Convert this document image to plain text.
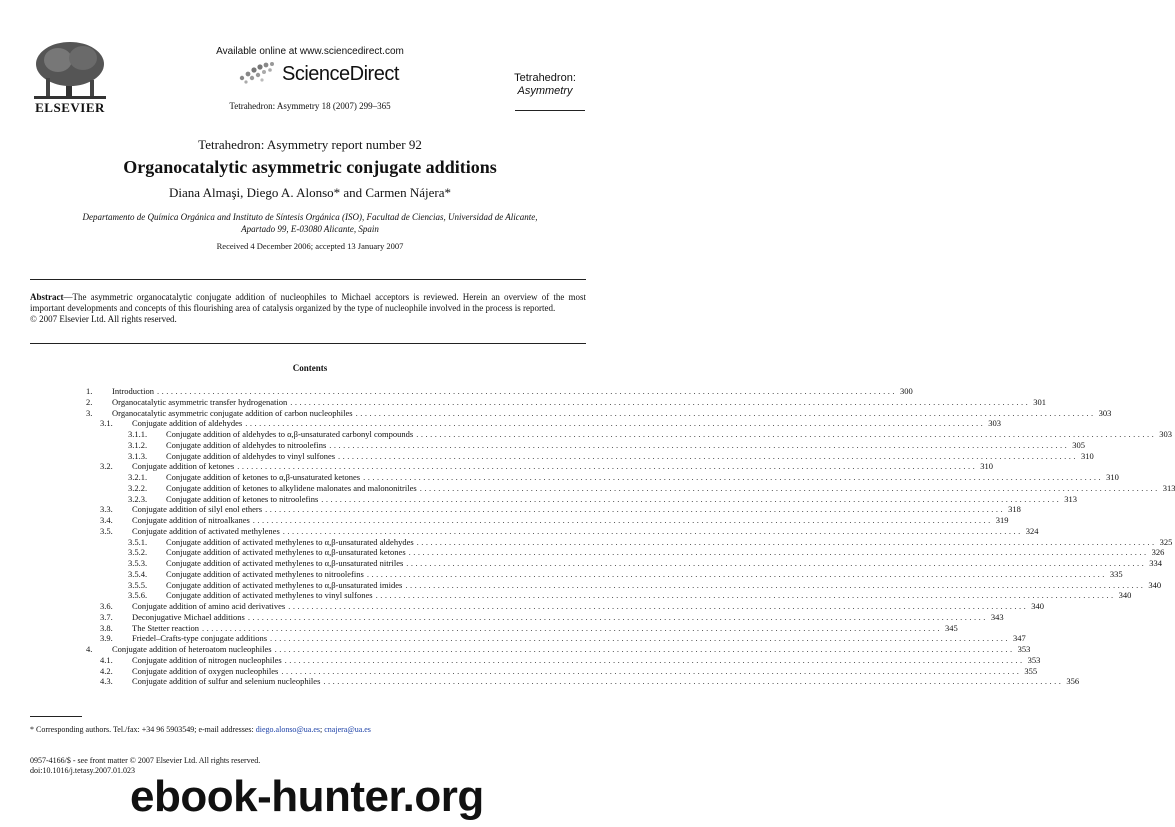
ELSEVIER
Available online at www.sciencedirect.com
ScienceDirect
Tetrahedron: Asymmetry 18 (2007) 299–365
Tetrahedron:
Asymmetry
Tetrahedron: Asymmetry report number 92
Organocatalytic asymmetric conjugate additions
Diana Almaşi, Diego A. Alonso* and Carmen Nájera*
Departamento de Química Orgánica and Instituto de Síntesis Orgánica (ISO), Facultad de Ciencias, Universidad de Alicante,
Apartado 99, E-03080 Alicante, Spain
Received 4 December 2006; accepted 13 January 2007
Abstract—The asymmetric organocatalytic conjugate addition of nucleophiles to Michael acceptors is reviewed. Herein an overview of the most important developments and concepts of this flourishing area of catalysis organized by the type of nucleophile involved in the process is reported.
© 2007 Elsevier Ltd. All rights reserved.
Contents
1.	Introduction ................................................................................................................................................................ 300
2.	Organocatalytic asymmetric transfer hydrogenation ................................................................................................................................................................ 301
3.	Organocatalytic asymmetric conjugate addition of carbon nucleophiles ................................................................................................................................................................ 303
3.1.	Conjugate addition of aldehydes ................................................................................................................................................................ 303
3.1.1.	Conjugate addition of aldehydes to α,β-unsaturated carbonyl compounds ................................................................................................................................................................ 303
3.1.2.	Conjugate addition of aldehydes to nitroolefins ................................................................................................................................................................ 305
3.1.3.	Conjugate addition of aldehydes to vinyl sulfones ................................................................................................................................................................ 310
3.2.	Conjugate addition of ketones ................................................................................................................................................................ 310
3.2.1.	Conjugate addition of ketones to α,β-unsaturated ketones ................................................................................................................................................................ 310
3.2.2.	Conjugate addition of ketones to alkylidene malonates and malononitriles ................................................................................................................................................................ 313
3.2.3.	Conjugate addition of ketones to nitroolefins ................................................................................................................................................................ 313
3.3.	Conjugate addition of silyl enol ethers ................................................................................................................................................................ 318
3.4.	Conjugate addition of nitroalkanes ................................................................................................................................................................ 319
3.5.	Conjugate addition of activated methylenes ................................................................................................................................................................ 324
3.5.1.	Conjugate addition of activated methylenes to α,β-unsaturated aldehydes ................................................................................................................................................................ 325
3.5.2.	Conjugate addition of activated methylenes to α,β-unsaturated ketones ................................................................................................................................................................ 326
3.5.3.	Conjugate addition of activated methylenes to α,β-unsaturated nitriles ................................................................................................................................................................ 334
3.5.4.	Conjugate addition of activated methylenes to nitroolefins ................................................................................................................................................................ 335
3.5.5.	Conjugate addition of activated methylenes to α,β-unsaturated imides ................................................................................................................................................................ 340
3.5.6.	Conjugate addition of activated methylenes to vinyl sulfones ................................................................................................................................................................ 340
3.6.	Conjugate addition of amino acid derivatives ................................................................................................................................................................ 340
3.7.	Deconjugative Michael additions ................................................................................................................................................................ 343
3.8.	The Stetter reaction ................................................................................................................................................................ 345
3.9.	Friedel–Crafts-type conjugate additions ................................................................................................................................................................ 347
4.	Conjugate addition of heteroatom nucleophiles ................................................................................................................................................................ 353
4.1.	Conjugate addition of nitrogen nucleophiles ................................................................................................................................................................ 353
4.2.	Conjugate addition of oxygen nucleophiles ................................................................................................................................................................ 355
4.3.	Conjugate addition of sulfur and selenium nucleophiles ................................................................................................................................................................ 356
* Corresponding authors. Tel./fax: +34 96 5903549; e-mail addresses: diego.alonso@ua.es; cnajera@ua.es
0957-4166/$ - see front matter © 2007 Elsevier Ltd. All rights reserved.
doi:10.1016/j.tetasy.2007.01.023
ebook-hunter.org
